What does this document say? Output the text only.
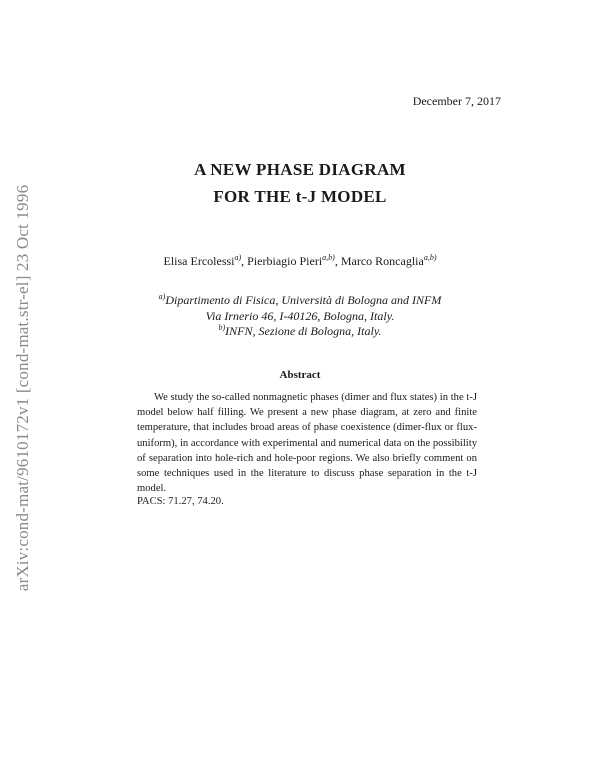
arXiv:cond-mat/9610172v1 [cond-mat.str-el] 23 Oct 1996
December 7, 2017
A NEW PHASE DIAGRAM
FOR THE t-J MODEL
Elisa Ercolessi$^{a)}$, Pierbiagio Pieri$^{a,b)}$, Marco Roncaglia$^{a,b)}$
$^{a)}$Dipartimento di Fisica, Università di Bologna and INFM
Via Irnerio 46, I-40126, Bologna, Italy.
$^{b)}$INFN, Sezione di Bologna, Italy.
Abstract

We study the so-called nonmagnetic phases (dimer and flux states) in the t-J model below half filling. We present a new phase diagram, at zero and finite temperature, that includes broad areas of phase coexistence (dimer-flux or flux-uniform), in accordance with experimental and numerical data on the possibility of separation into hole-rich and hole-poor regions. We also briefly comment on some techniques used in the literature to discuss phase separation in the t-J model.

PACS: 71.27, 74.20.
